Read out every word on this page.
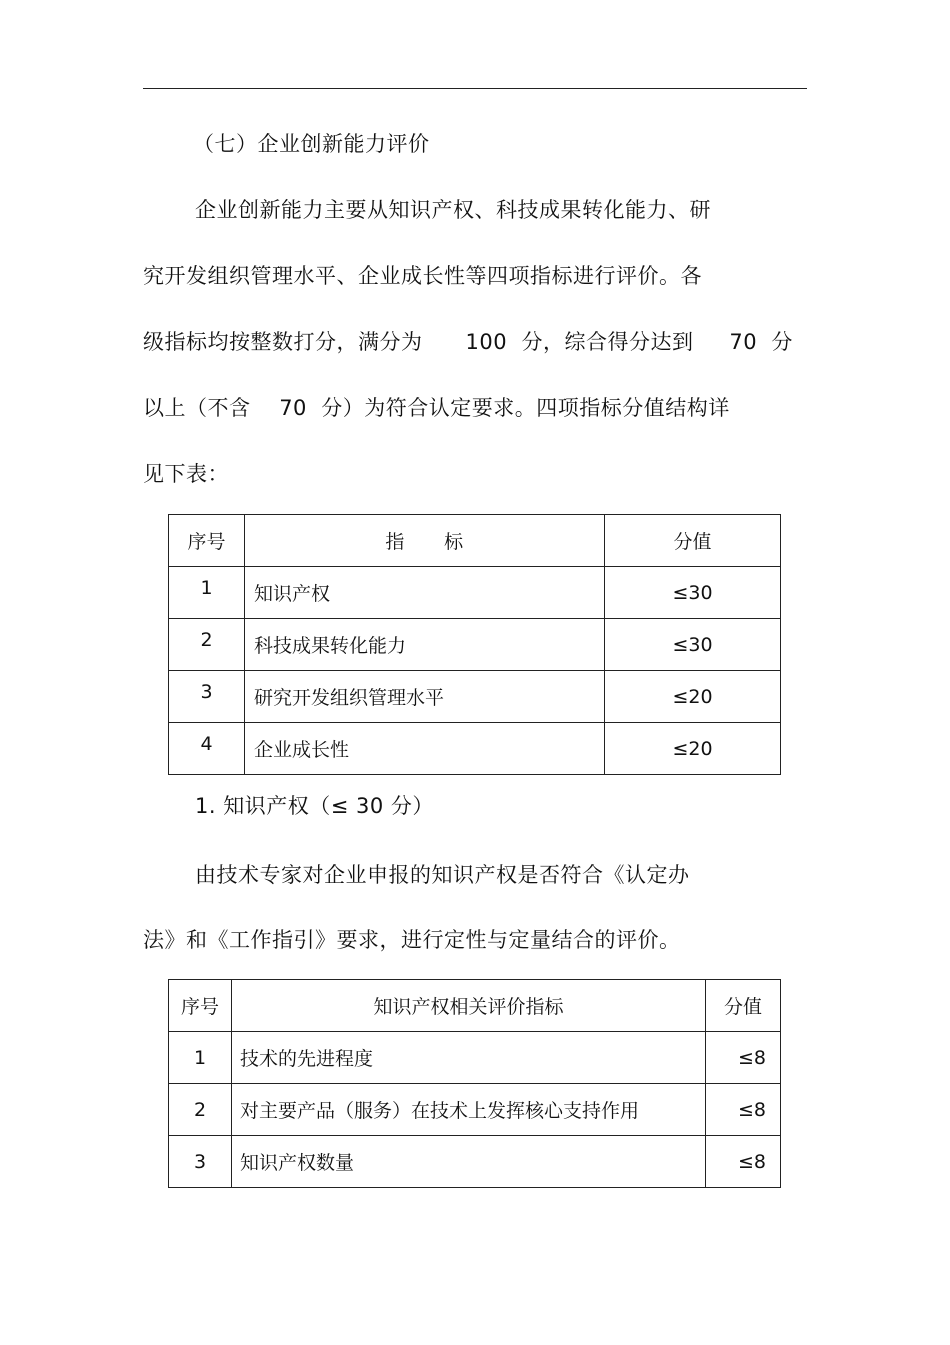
（七）企业创新能力评价
企业创新能力主要从知识产权、科技成果转化能力、研
究开发组织管理水平、企业成长性等四项指标进行评价。各
级指标均按整数打分，满分为      100  分，综合得分达到     70  分
以上（不含    70  分）为符合认定要求。四项指标分值结构详
见下表：
序号	指      标	分值
1	知识产权	≤30
2	科技成果转化能力	≤30
3	研究开发组织管理水平	≤20
4	企业成长性	≤20
1. 知识产权（≤ 30 分）
由技术专家对企业申报的知识产权是否符合《认定办
法》和《工作指引》要求，进行定性与定量结合的评价。
序号	知识产权相关评价指标	分值
1	技术的先进程度	≤8
2	对主要产品（服务）在技术上发挥核心支持作用	≤8
3	知识产权数量	≤8
